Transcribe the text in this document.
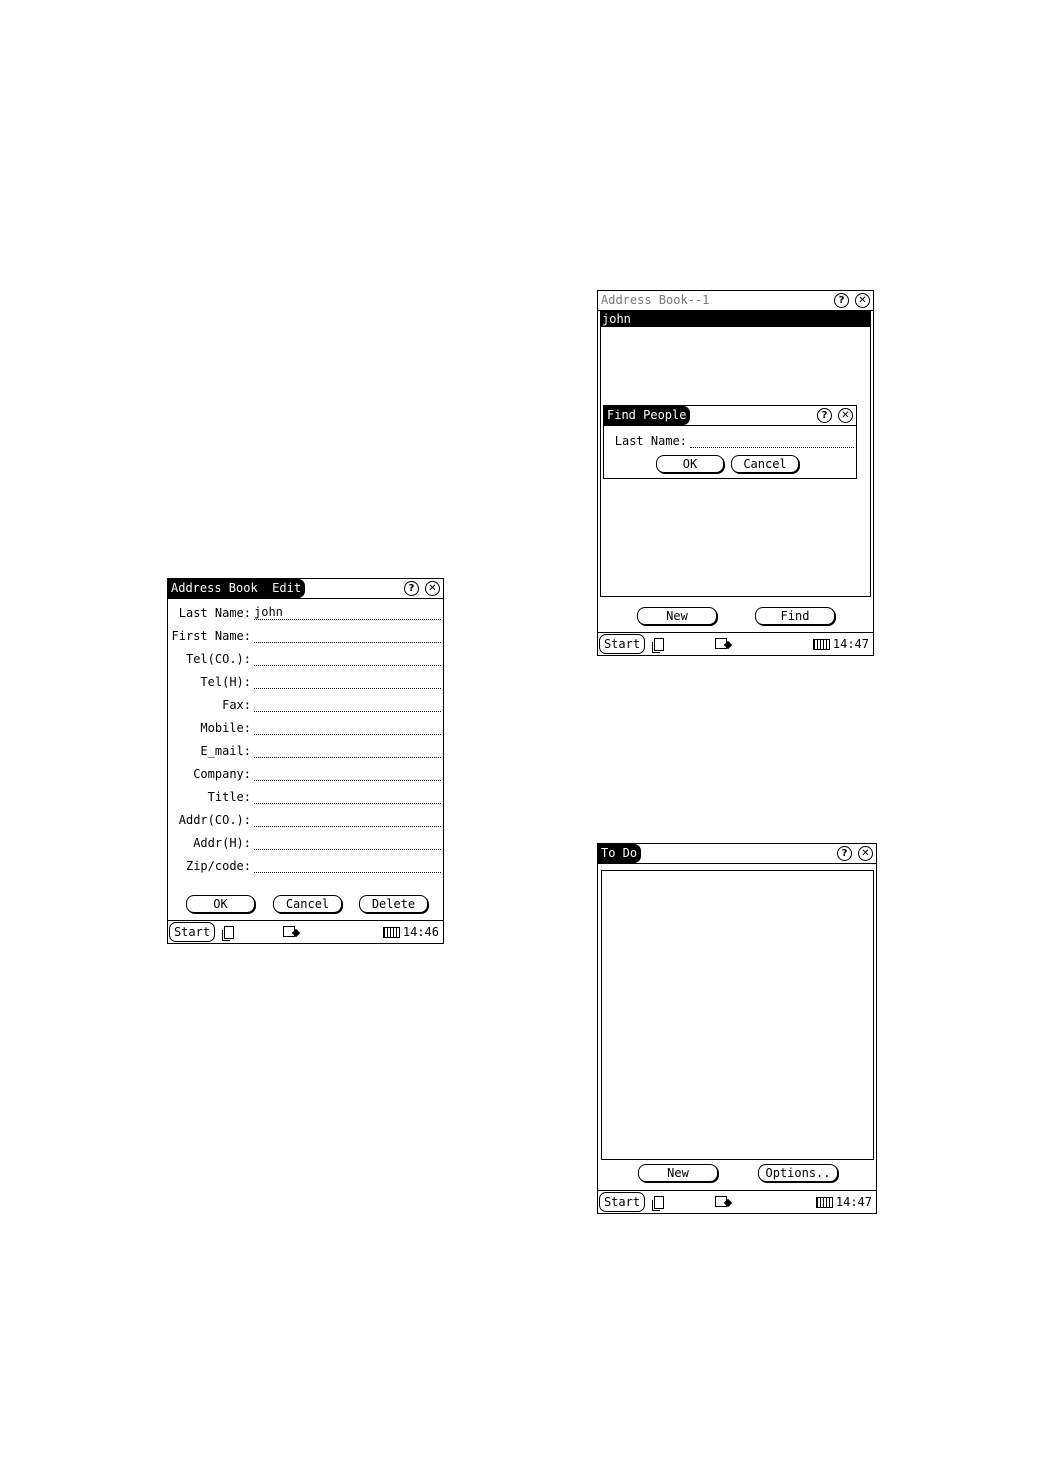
Address Book  Edit	?	✕
Last Name: john
First Name:
Tel(CO.):
Tel(H):
Fax:
Mobile:
E_mail:
Company:
Title:
Addr(CO.):
Addr(H):
Zip/code:
OK	Cancel	Delete
Start	14:46
Address Book--1	?	✕
john
Find People	?	✕
Last Name:
OK	Cancel
New	Find
Start	14:47
To Do	?	✕
New	Options..
Start	14:47
